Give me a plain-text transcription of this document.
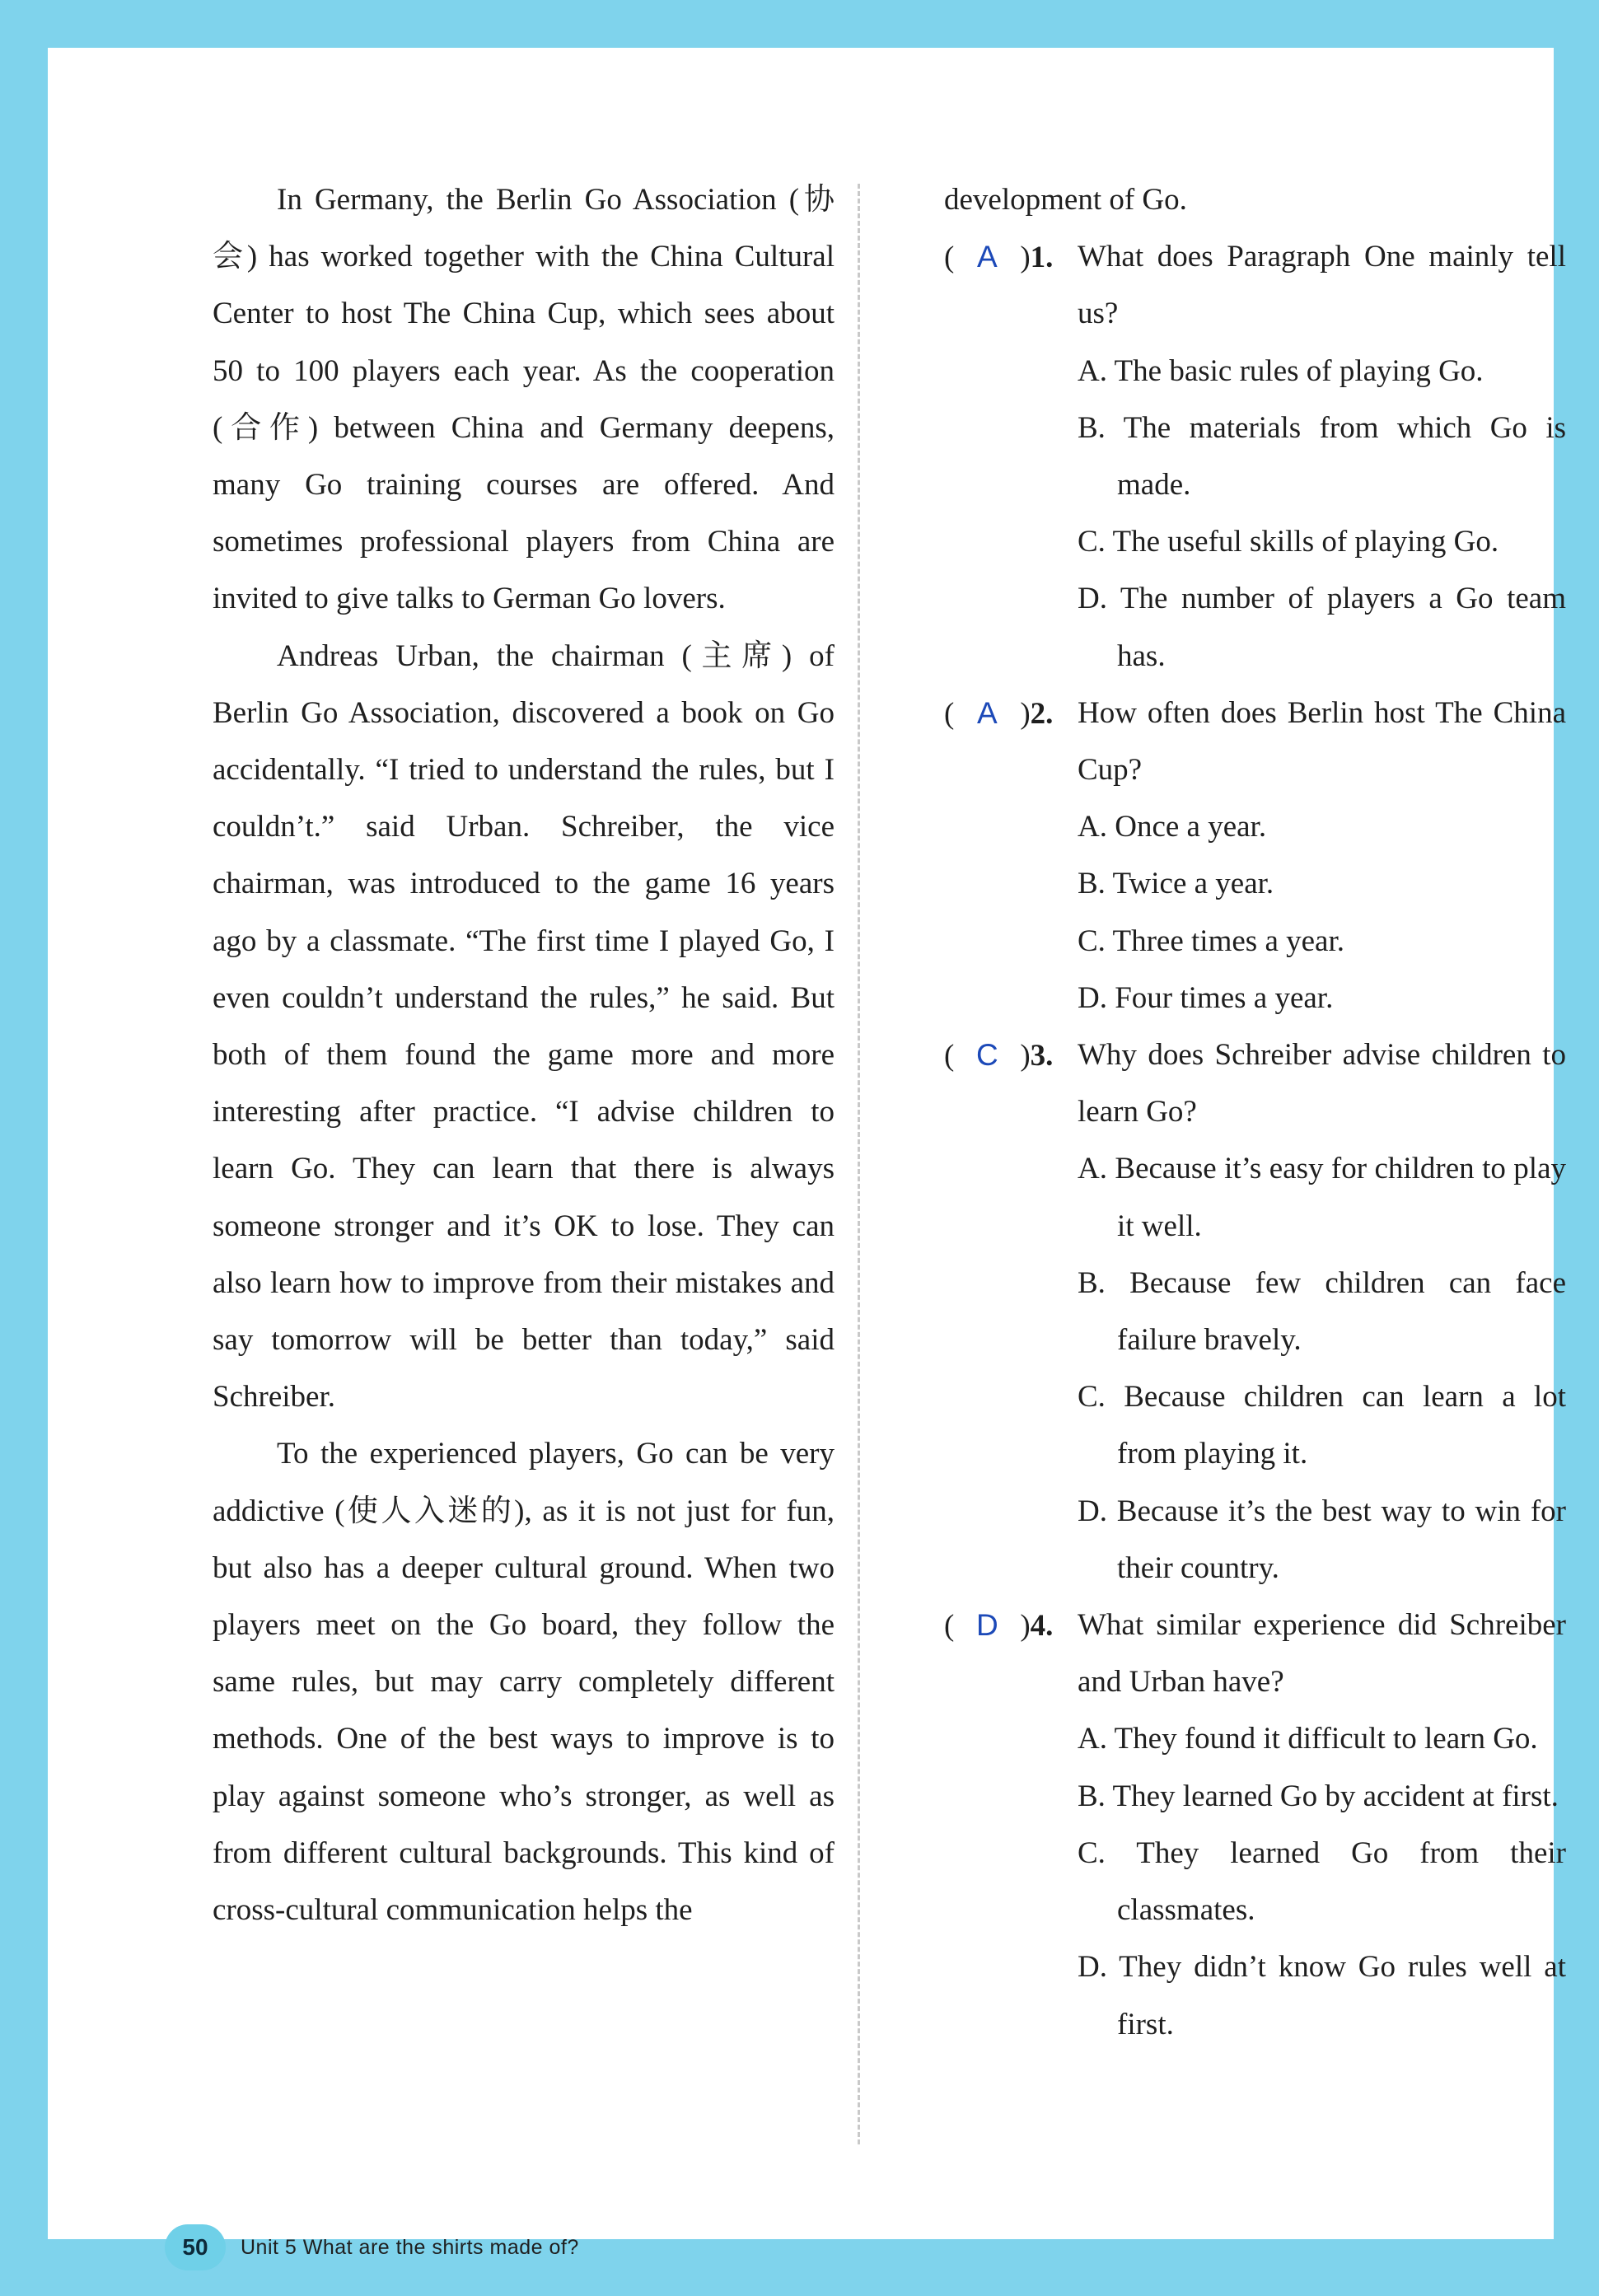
In Germany, the Berlin Go Association (协会) has worked together with the China Cultural Center to host The China Cup, which sees about 50 to 100 players each year. As the cooperation (合作) between China and Germany deepens, many Go training courses are offered. And sometimes professional players from China are invited to give talks to German Go lovers.

Andreas Urban, the chairman (主席) of Berlin Go Association, discovered a book on Go accidentally. “I tried to understand the rules, but I couldn’t.” said Urban. Schreiber, the vice chairman, was introduced to the game 16 years ago by a classmate. “The first time I played Go, I even couldn’t understand the rules,” he said. But both of them found the game more and more interesting after practice. “I advise children to learn Go. They can learn that there is always someone stronger and it’s OK to lose. They can also learn how to improve from their mistakes and say tomorrow will be better than today,” said Schreiber.

To the experienced players, Go can be very addictive (使人入迷的), as it is not just for fun, but also has a deeper cultural ground. When two players meet on the Go board, they follow the same rules, but may carry completely different methods. One of the best ways to improve is to play against someone who’s stronger, as well as from different cultural backgrounds. This kind of cross-cultural communication helps the

development of Go.
( A )1. What does Paragraph One mainly tell us?
A. The basic rules of playing Go.
B. The materials from which Go is made.
C. The useful skills of playing Go.
D. The number of players a Go team has.
( A )2. How often does Berlin host The China Cup?
A. Once a year.
B. Twice a year.
C. Three times a year.
D. Four times a year.
( C )3. Why does Schreiber advise children to learn Go?
A. Because it’s easy for children to play it well.
B. Because few children can face failure bravely.
C. Because children can learn a lot from playing it.
D. Because it’s the best way to win for their country.
( D )4. What similar experience did Schreiber and Urban have?
A. They found it difficult to learn Go.
B. They learned Go by accident at first.
C. They learned Go from their classmates.
D. They didn’t know Go rules well at first.
50	Unit 5 What are the shirts made of?
